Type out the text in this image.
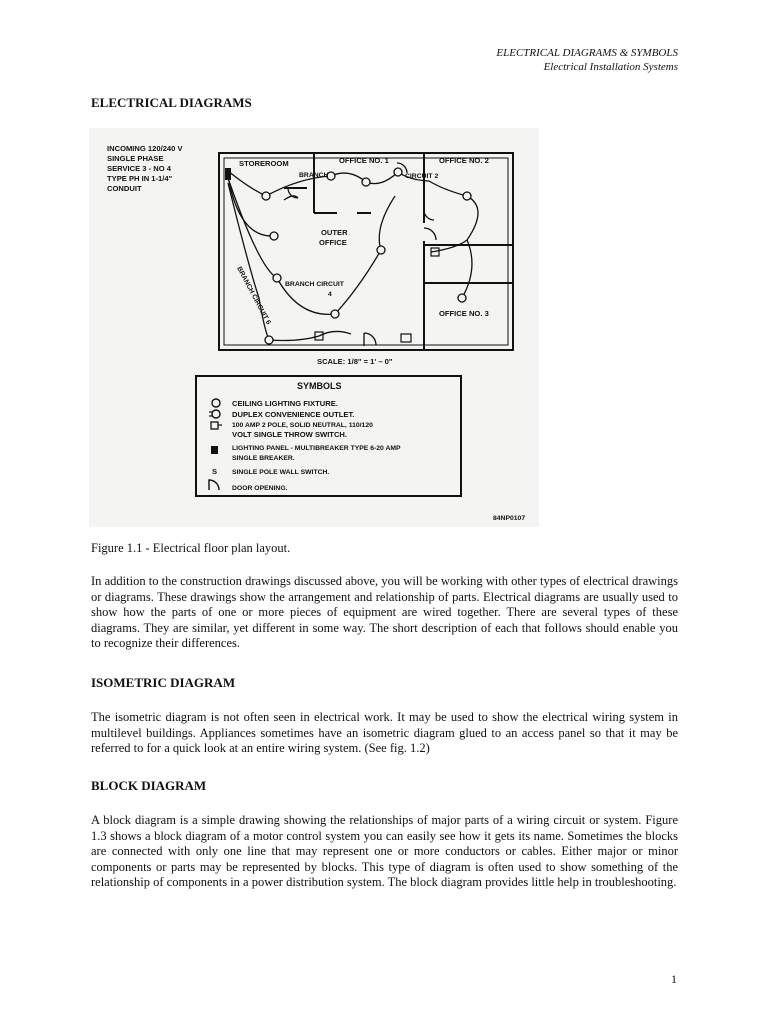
ELECTRICAL DIAGRAMS & SYMBOLS
Electrical Installation Systems
ELECTRICAL DIAGRAMS
INCOMING 120/240 V
SINGLE PHASE
SERVICE 3 - NO 4
TYPE PH IN 1-1/4"
CONDUIT
STOREROOM	OFFICE NO. 1	OFFICE NO. 2
OFFICE NO. 3
OUTER
OFFICE
BRANCH	CIRCUIT 2
BRANCH CIRCUIT
4
BRANCH CIRCUIT 6
SCALE: 1/8" = 1' – 0"
SYMBOLS
S
CEILING LIGHTING FIXTURE.
DUPLEX CONVENIENCE OUTLET.
100 AMP 2 POLE, SOLID NEUTRAL, 110/120
VOLT SINGLE THROW SWITCH.
LIGHTING PANEL - MULTIBREAKER TYPE 6-20 AMP
SINGLE BREAKER.
SINGLE POLE WALL SWITCH.
DOOR OPENING.
84NP0107
Figure 1.1 - Electrical floor plan layout.

In addition to the construction drawings discussed above, you will be working with other types of electrical drawings or diagrams. These drawings show the arrangement and relationship of parts. Electrical diagrams are usually used to show how the parts of one or more pieces of equipment are wired together. There are several types of these diagrams. They are similar, yet different in some way. The short description of each that follows should enable you to recognize their differences.

ISOMETRIC DIAGRAM

The isometric diagram is not often seen in electrical work. It may be used to show the electrical wiring system in multilevel buildings. Appliances sometimes have an isometric diagram glued to an access panel so that it may be referred to for a quick look at an entire wiring system. (See fig. 1.2)

BLOCK DIAGRAM

A block diagram is a simple drawing showing the relationships of major parts of a wiring circuit or system. Figure 1.3 shows a block diagram of a motor control system you can easily see how it gets its name. Sometimes the blocks are connected with only one line that may represent one or more conductors or cables. Either major or minor components or parts may be represented by blocks. This type of diagram is often used to show something of the relationship of components in a power distribution system. The block diagram provides little help in troubleshooting.

1
